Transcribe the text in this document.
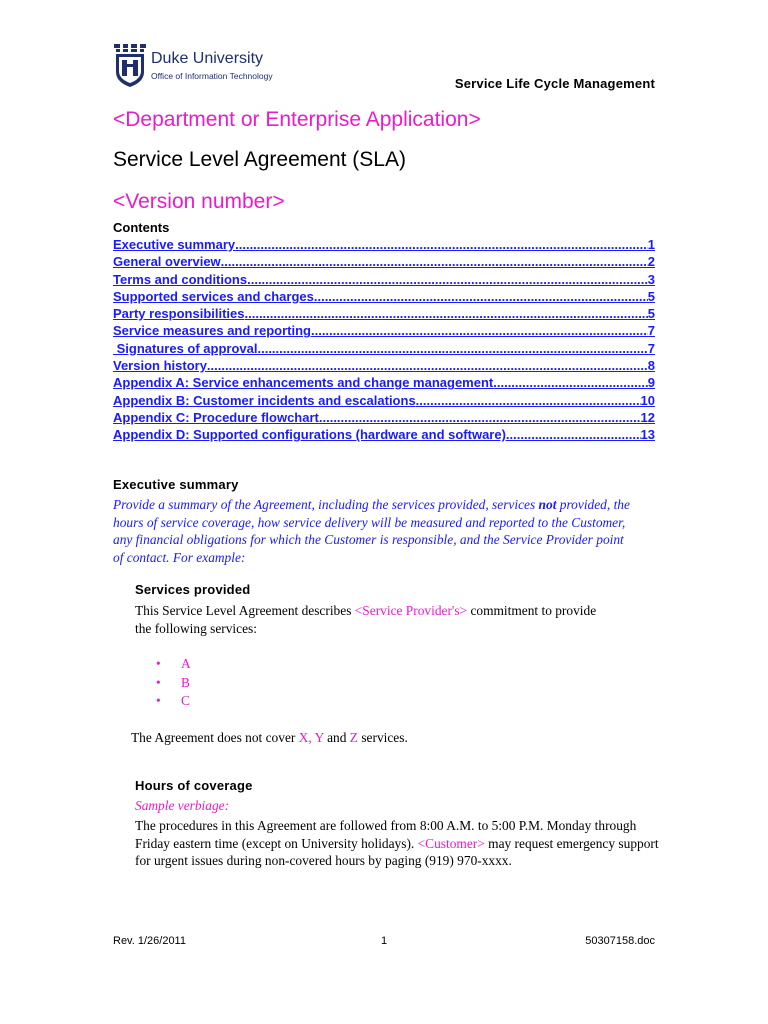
Duke University
Office of Information Technology	Service Life Cycle Management
<Department or Enterprise Application>
Service Level Agreement (SLA)
<Version number>
Contents
Executive summary .....	1
General overview .....	2
Terms and conditions .....	3
Supported services and charges .....	5
Party responsibilities .....	5
Service measures and reporting .....	7
Signatures of approval .....	7
Version history .....	8
Appendix A: Service enhancements and change management .....	9
Appendix B: Customer incidents and escalations .....	10
Appendix C: Procedure flowchart .....	12
Appendix D: Supported configurations (hardware and software) .....	13
Executive summary
Provide a summary of the Agreement, including the services provided, services not provided, the hours of service coverage, how service delivery will be measured and reported to the Customer, any financial obligations for which the Customer is responsible, and the Service Provider point of contact. For example:
Services provided
This Service Level Agreement describes <Service Provider's> commitment to provide the following services:
• A
• B
• C
The Agreement does not cover X, Y and Z services.
Hours of coverage
Sample verbiage:
The procedures in this Agreement are followed from 8:00 A.M. to 5:00 P.M. Monday through Friday eastern time (except on University holidays). <Customer> may request emergency support for urgent issues during non-covered hours by paging (919) 970-xxxx.
Rev. 1/26/2011	1	50307158.doc
